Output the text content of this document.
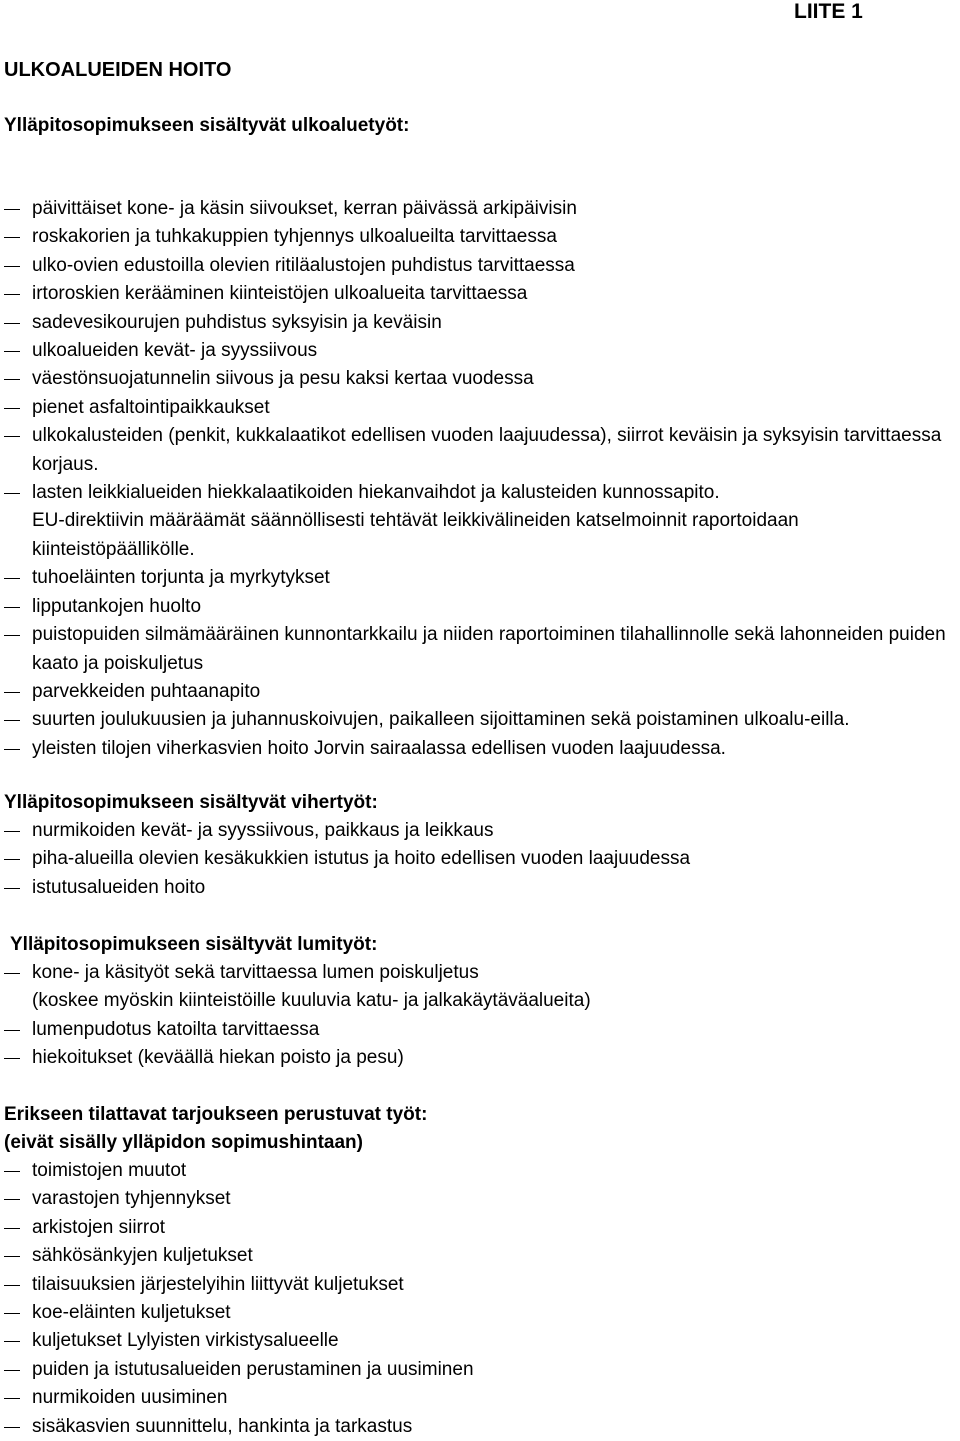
LIITE 1
ULKOALUEIDEN HOITO
Ylläpitosopimukseen sisältyvät ulkoaluetyöt:
päivittäiset kone- ja käsin siivoukset, kerran päivässä arkipäivisin
roskakorien ja tuhkakuppien tyhjennys ulkoalueilta tarvittaessa
ulko-ovien edustoilla olevien ritiläalustojen puhdistus tarvittaessa
irtoroskien kerääminen kiinteistöjen ulkoalueita tarvittaessa
sadevesikourujen puhdistus syksyisin ja keväisin
ulkoalueiden kevät- ja syyssiivous
väestönsuojatunnelin siivous ja pesu kaksi kertaa vuodessa
pienet asfaltointipaikkaukset
ulkokalusteiden (penkit, kukkalaatikot edellisen vuoden laajuudessa), siirrot keväisin ja syksyisin tarvittaessa korjaus.
lasten leikkialueiden hiekkalaatikoiden hiekanvaihdot ja kalusteiden kunnossapito.
EU-direktiivin määräämät säännöllisesti tehtävät leikkivälineiden katselmoinnit raportoidaan kiinteistöpäällikölle.
tuhoeläinten torjunta ja myrkytykset
lipputankojen huolto
puistopuiden silmämääräinen kunnontarkkailu ja niiden raportoiminen tilahallinnolle sekä lahonneiden puiden kaato ja poiskuljetus
parvekkeiden puhtaanapito
suurten joulukuusien ja juhannuskoivujen, paikalleen sijoittaminen sekä poistaminen ulkoalu-eilla.
yleisten tilojen viherkasvien hoito Jorvin sairaalassa edellisen vuoden laajuudessa.
Ylläpitosopimukseen sisältyvät vihertyöt:
nurmikoiden kevät- ja syyssiivous, paikkaus ja leikkaus
piha-alueilla olevien kesäkukkien istutus ja hoito edellisen vuoden laajuudessa
istutusalueiden hoito
Ylläpitosopimukseen sisältyvät lumityöt:
kone- ja käsityöt sekä tarvittaessa lumen poiskuljetus
(koskee myöskin kiinteistöille kuuluvia katu- ja jalkakäytäväalueita)
lumenpudotus katoilta tarvittaessa
hiekoitukset (keväällä hiekan poisto ja pesu)
Erikseen tilattavat tarjoukseen perustuvat työt:
(eivät sisälly ylläpidon sopimushintaan)
toimistojen muutot
varastojen tyhjennykset
arkistojen siirrot
sähkösänkyjen kuljetukset
tilaisuuksien järjestelyihin liittyvät kuljetukset
koe-eläinten kuljetukset
kuljetukset Lylyisten virkistysalueelle
puiden ja istutusalueiden perustaminen ja uusiminen
nurmikoiden uusiminen
sisäkasvien suunnittelu, hankinta ja tarkastus
